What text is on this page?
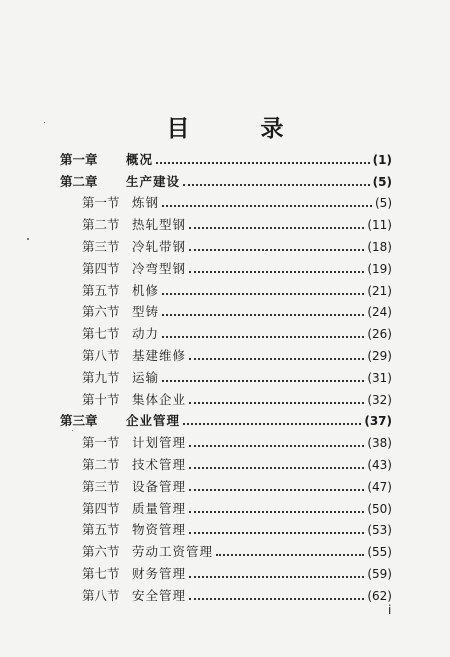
目　录
第一章	概况	(1)
第二章	生产建设	(5)
第一节 炼钢	(5)
第二节 热轧型钢	(11)
第三节 冷轧带钢	(18)
第四节 冷弯型钢	(19)
第五节 机修	(21)
第六节 型铸	(24)
第七节 动力	(26)
第八节 基建维修	(29)
第九节 运输	(31)
第十节 集体企业	(32)
第三章	企业管理	(37)
第一节 计划管理	(38)
第二节 技术管理	(43)
第三节 设备管理	(47)
第四节 质量管理	(50)
第五节 物资管理	(53)
第六节 劳动工资管理	(55)
第七节 财务管理	(59)
第八节 安全管理	(62)
i
